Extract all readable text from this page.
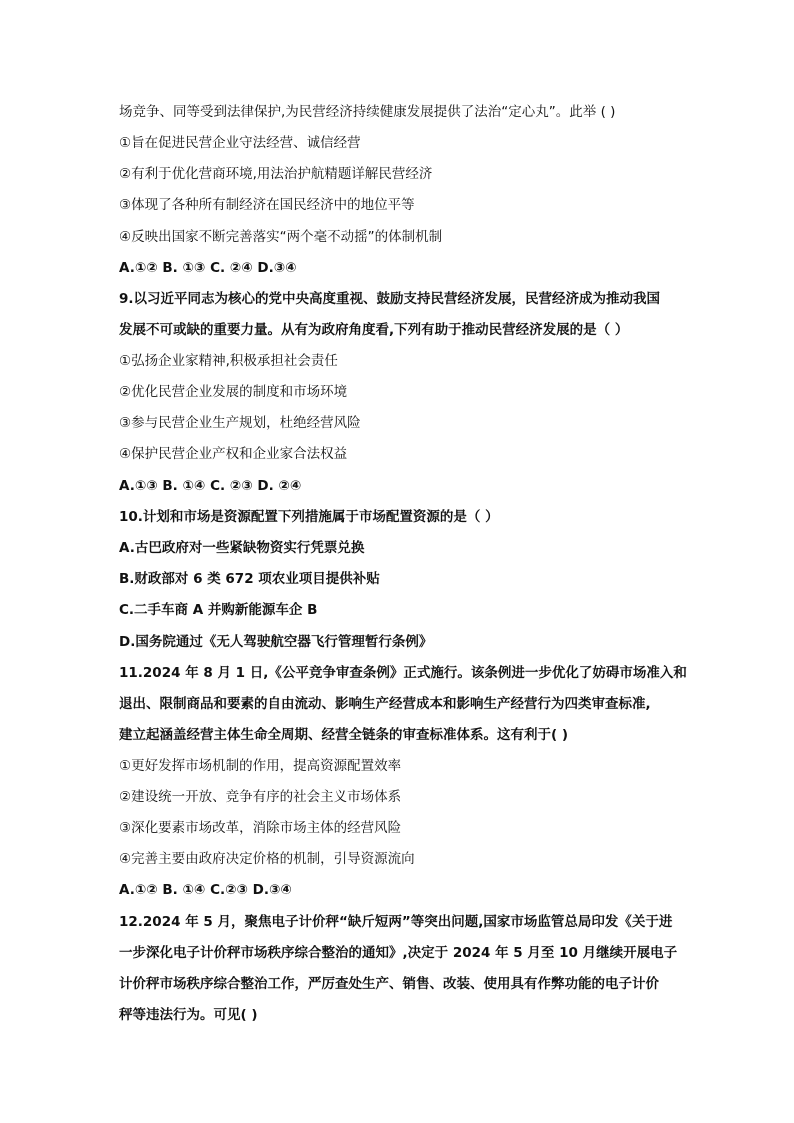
场竞争、同等受到法律保护,为民营经济持续健康发展提供了法治“定心丸”。此举 ( )
①旨在促进民营企业守法经营、诚信经营
②有利于优化营商环境,用法治护航精题详解民营经济
③体现了各种所有制经济在国民经济中的地位平等
④反映出国家不断完善落实“两个毫不动摇”的体制机制
A.①② B. ①③ C. ②④ D.③④
9.以习近平同志为核心的党中央高度重视、鼓励支持民营经济发展，民营经济成为推动我国
发展不可或缺的重要力量。从有为政府角度看,下列有助于推动民营经济发展的是（ ）
①弘扬企业家精神,积极承担社会责任
②优化民营企业发展的制度和市场环境
③参与民营企业生产规划，杜绝经营风险
④保护民营企业产权和企业家合法权益
A.①③ B. ①④ C. ②③ D. ②④
10.计划和市场是资源配置下列措施属于市场配置资源的是（ ）
A.古巴政府对一些紧缺物资实行凭票兑换
B.财政部对 6 类 672 项农业项目提供补贴
C.二手车商 A 并购新能源车企 B
D.国务院通过《无人驾驶航空器飞行管理暂行条例》
11.2024 年 8 月 1 日,《公平竞争审查条例》正式施行。该条例进一步优化了妨碍市场准入和
退出、限制商品和要素的自由流动、影响生产经营成本和影响生产经营行为四类审查标准,
建立起涵盖经营主体生命全周期、经营全链条的审查标准体系。这有利于( )
①更好发挥市场机制的作用，提高资源配置效率
②建设统一开放、竞争有序的社会主义市场体系
③深化要素市场改革，消除市场主体的经营风险
④完善主要由政府决定价格的机制，引导资源流向
A.①② B. ①④ C.②③ D.③④
12.2024 年 5 月，聚焦电子计价秤“缺斤短两”等突出问题,国家市场监管总局印发《关于进
一步深化电子计价秤市场秩序综合整治的通知》,决定于 2024 年 5 月至 10 月继续开展电子
计价秤市场秩序综合整治工作，严厉查处生产、销售、改装、使用具有作弊功能的电子计价
秤等违法行为。可见( )
